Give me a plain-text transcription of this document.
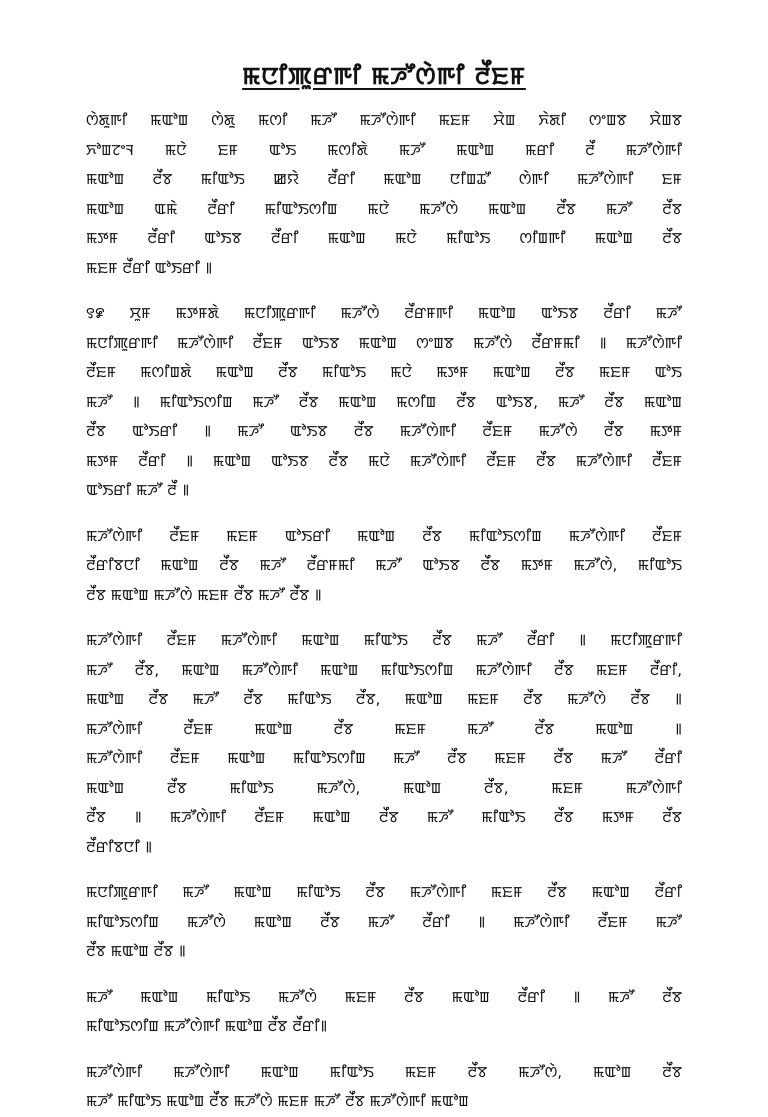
ꯃꯅꯤꯄꯨꯔꯒꯤ ꯃꯍꯧꯁꯥꯒꯤ ꯂꯩꯐꯝ

ꯁꯥꯗꯨꯒꯤ ꯃꯑꯣꯡ ꯁꯥꯗꯨ ꯃꯁꯤ ꯃꯍꯧ ꯃꯍꯧꯁꯥꯒꯤ ꯃꯐꯝ ꯆꯥꯡ ꯈꯥꯗꯤ ꯁꯦꯡꯕ ꯆꯥꯡꯕ
ꯈꯣꯡꯖꯦꯜ ꯃꯅꯥ ꯐꯝ ꯑꯣꯏ ꯃꯁꯤꯗꯥ ꯃꯍꯧ ꯃꯑꯣꯡ ꯃꯔꯤ ꯂꯩ ꯃꯍꯧꯁꯥꯒꯤ
ꯃꯑꯣꯡ ꯂꯩꯕ ꯃꯤꯑꯣꯏ ꯀꯌꯥ ꯂꯩꯔꯤ ꯃꯑꯣꯡ ꯅꯤꯡꯊꯧ ꯁꯥꯒꯤ ꯃꯍꯧꯁꯥꯒꯤ ꯐꯝ
ꯃꯑꯣꯡ ꯑꯃꯥ ꯂꯩꯔꯤ ꯃꯤꯑꯣꯏꯁꯤꯡ ꯃꯅꯥ ꯃꯍꯧꯁꯥ ꯃꯑꯣꯡ ꯂꯩꯕ ꯃꯍꯧ ꯂꯩꯕ
ꯃꯇꯝ ꯂꯩꯔꯤ ꯑꯣꯏꯕ ꯂꯩꯔꯤ ꯃꯑꯣꯡ ꯃꯅꯥ ꯃꯤꯑꯣꯏ ꯁꯤꯡꯒꯤ ꯃꯑꯣꯡ ꯂꯩꯕ
ꯃꯐꯝ ꯂꯩꯔꯤ ꯑꯣꯏꯔꯤ ꯫

꯱꯹ ꯆꯨꯝ ꯃꯇꯝꯗꯥ ꯃꯅꯤꯄꯨꯔꯒꯤ ꯃꯍꯧꯁꯥ ꯂꯩꯔꯝꯒꯤ ꯃꯑꯣꯡ ꯑꯣꯏꯕ ꯂꯩꯔꯤ ꯃꯍꯧ
ꯃꯅꯤꯄꯨꯔꯒꯤ ꯃꯍꯧꯁꯥꯒꯤ ꯂꯩꯐꯝ ꯑꯣꯏꯕ ꯃꯑꯣꯡ ꯁꯦꯡꯕ ꯃꯍꯧꯁꯥ ꯂꯩꯔꯝꯃꯤ ꯫ ꯃꯍꯧꯁꯥꯒꯤ
ꯂꯩꯐꯝ ꯃꯁꯤꯡꯗꯥ ꯃꯑꯣꯡ ꯂꯩꯕ ꯃꯤꯑꯣꯏ ꯃꯅꯥ ꯃꯇꯝ ꯃꯑꯣꯡ ꯂꯩꯕ ꯃꯐꯝ ꯑꯣꯏ
ꯃꯍꯧ ꯫ ꯃꯤꯑꯣꯏꯁꯤꯡ ꯃꯍꯧ ꯂꯩꯕ ꯃꯑꯣꯡ ꯃꯁꯤꯡ ꯂꯩꯕ ꯑꯣꯏꯕ, ꯃꯍꯧ ꯂꯩꯕ ꯃꯑꯣꯡ
ꯂꯩꯕ ꯑꯣꯏꯔꯤ ꯫ ꯃꯍꯧ ꯑꯣꯏꯕ ꯂꯩꯕ ꯃꯍꯧꯁꯥꯒꯤ ꯂꯩꯐꯝ ꯃꯍꯧꯁꯥ ꯂꯩꯕ ꯃꯇꯝ
ꯃꯇꯝ ꯂꯩꯔꯤ ꯫ ꯃꯑꯣꯡ ꯑꯣꯏꯕ ꯂꯩꯕ ꯃꯅꯥ ꯃꯍꯧꯁꯥꯒꯤ ꯂꯩꯐꯝ ꯂꯩꯕ ꯃꯍꯧꯁꯥꯒꯤ ꯂꯩꯐꯝ
ꯑꯣꯏꯔꯤ ꯃꯍꯧ ꯂꯩ ꯫

ꯃꯍꯧꯁꯥꯒꯤ ꯂꯩꯐꯝ ꯃꯐꯝ ꯑꯣꯏꯔꯤ ꯃꯑꯣꯡ ꯂꯩꯕ ꯃꯤꯑꯣꯏꯁꯤꯡ ꯃꯍꯧꯁꯥꯒꯤ ꯂꯩꯐꯝ
ꯂꯩꯔꯤꯕꯅꯤ ꯃꯑꯣꯡ ꯂꯩꯕ ꯃꯍꯧ ꯂꯩꯔꯝꯃꯤ ꯃꯍꯧ ꯑꯣꯏꯕ ꯂꯩꯕ ꯃꯇꯝ ꯃꯍꯧꯁꯥ, ꯃꯤꯑꯣꯏ
ꯂꯩꯕ ꯃꯑꯣꯡ ꯃꯍꯧꯁꯥ ꯃꯐꯝ ꯂꯩꯕ ꯃꯍꯧ ꯂꯩꯕ ꯫

ꯃꯍꯧꯁꯥꯒꯤ ꯂꯩꯐꯝ ꯃꯍꯧꯁꯥꯒꯤ ꯃꯑꯣꯡ ꯃꯤꯑꯣꯏ ꯂꯩꯕ ꯃꯍꯧ ꯂꯩꯔꯤ ꯫ ꯃꯅꯤꯄꯨꯔꯒꯤ
ꯃꯍꯧ ꯂꯩꯕ, ꯃꯑꯣꯡ ꯃꯍꯧꯁꯥꯒꯤ ꯃꯑꯣꯡ ꯃꯤꯑꯣꯏꯁꯤꯡ ꯃꯍꯧꯁꯥꯒꯤ ꯂꯩꯕ ꯃꯐꯝ ꯂꯩꯔꯤ,
ꯃꯑꯣꯡ ꯂꯩꯕ ꯃꯍꯧ ꯂꯩꯕ ꯃꯤꯑꯣꯏ ꯂꯩꯕ, ꯃꯑꯣꯡ ꯃꯐꯝ ꯂꯩꯕ ꯃꯍꯧꯁꯥ ꯂꯩꯕ ꯫
ꯃꯍꯧꯁꯥꯒꯤ ꯂꯩꯐꯝ ꯃꯑꯣꯡ ꯂꯩꯕ ꯃꯐꯝ ꯃꯍꯧ ꯂꯩꯕ ꯃꯑꯣꯡ ꯫
ꯃꯍꯧꯁꯥꯒꯤ ꯂꯩꯐꯝ ꯃꯑꯣꯡ ꯃꯤꯑꯣꯏꯁꯤꯡ ꯃꯍꯧ ꯂꯩꯕ ꯃꯐꯝ ꯂꯩꯕ ꯃꯍꯧ ꯂꯩꯔꯤ
ꯃꯑꯣꯡ ꯂꯩꯕ ꯃꯤꯑꯣꯏ ꯃꯍꯧꯁꯥ, ꯃꯑꯣꯡ ꯂꯩꯕ, ꯃꯐꯝ ꯃꯍꯧꯁꯥꯒꯤ
ꯂꯩꯕ ꯫ ꯃꯍꯧꯁꯥꯒꯤ ꯂꯩꯐꯝ ꯃꯑꯣꯡ ꯂꯩꯕ ꯃꯍꯧ ꯃꯤꯑꯣꯏ ꯂꯩꯕ ꯃꯇꯝ ꯂꯩꯕ
ꯂꯩꯔꯤꯕꯅꯤ ꯫

ꯃꯅꯤꯄꯨꯔꯒꯤ ꯃꯍꯧ ꯃꯑꯣꯡ ꯃꯤꯑꯣꯏ ꯂꯩꯕ ꯃꯍꯧꯁꯥꯒꯤ ꯃꯐꯝ ꯂꯩꯕ ꯃꯑꯣꯡ ꯂꯩꯔꯤ
ꯃꯤꯑꯣꯏꯁꯤꯡ ꯃꯍꯧꯁꯥ ꯃꯑꯣꯡ ꯂꯩꯕ ꯃꯍꯧ ꯂꯩꯔꯤ ꯫ ꯃꯍꯧꯁꯥꯒꯤ ꯂꯩꯐꯝ ꯃꯍꯧ
ꯂꯩꯕ ꯃꯑꯣꯡ ꯂꯩꯕ ꯫

ꯃꯍꯧ ꯃꯑꯣꯡ ꯃꯤꯑꯣꯏ ꯃꯍꯧꯁꯥ ꯃꯐꯝ ꯂꯩꯕ ꯃꯑꯣꯡ ꯂꯩꯔꯤ ꯫ ꯃꯍꯧ ꯂꯩꯕ
ꯃꯤꯑꯣꯏꯁꯤꯡ ꯃꯍꯧꯁꯥꯒꯤ ꯃꯑꯣꯡ ꯂꯩꯕ ꯂꯩꯔꯤ꯫

ꯃꯍꯧꯁꯥꯒꯤ ꯃꯍꯧꯁꯥꯒꯤ ꯃꯑꯣꯡ ꯃꯤꯑꯣꯏ ꯃꯐꯝ ꯂꯩꯕ ꯃꯍꯧꯁꯥ, ꯃꯑꯣꯡ ꯂꯩꯕ
ꯃꯍꯧ ꯃꯤꯑꯣꯏ ꯃꯑꯣꯡ ꯂꯩꯕ ꯃꯍꯧꯁꯥ ꯃꯐꯝ ꯃꯍꯧ ꯂꯩꯕ ꯃꯍꯧꯁꯥꯒꯤ ꯃꯑꯣꯡ
